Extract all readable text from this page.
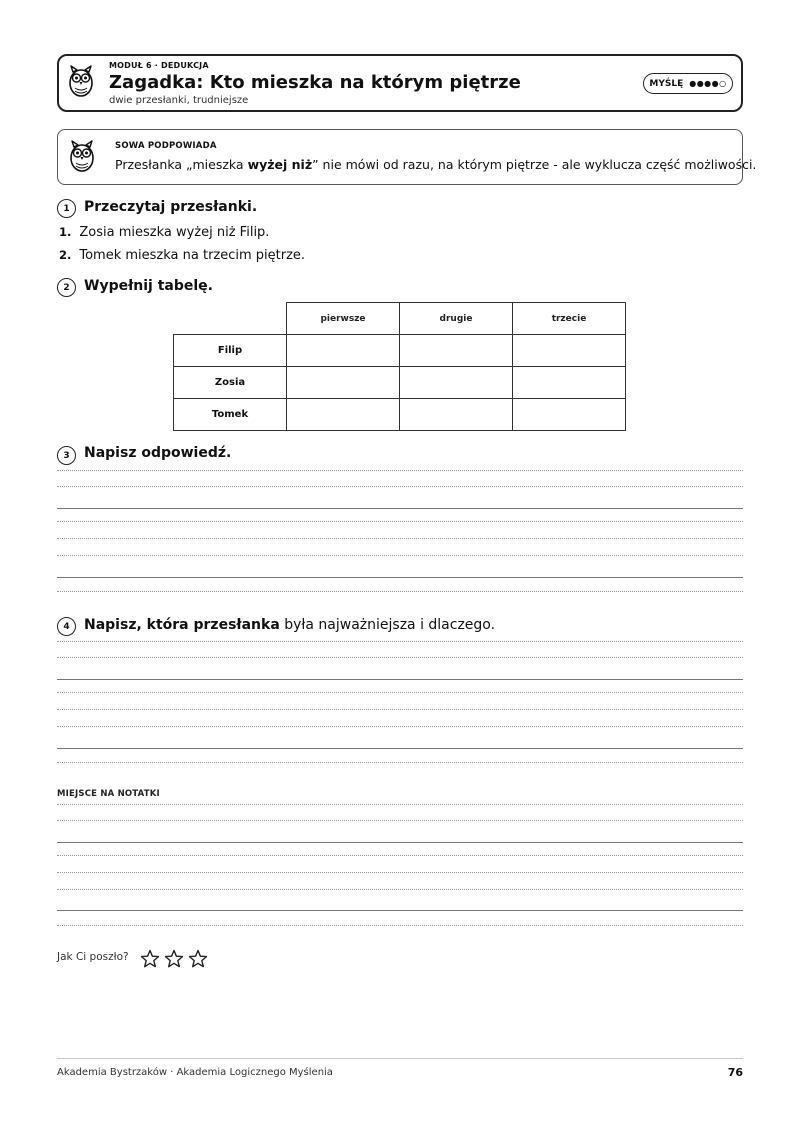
MODUŁ 6 · DEDUKCJA
Zagadka: Kto mieszka na którym piętrze
dwie przesłanki, trudniejsze
MYŚLĘ ●●●●○
SOWA PODPOWIADA
Przesłanka „mieszka wyżej niż” nie mówi od razu, na którym piętrze - ale wyklucza część możliwości.
1	Przeczytaj przesłanki.
1. Zosia mieszka wyżej niż Filip.
2. Tomek mieszka na trzecim piętrze.
2	Wypełnij tabelę.
	pierwsze	drugie	trzecie
Filip			
Zosia			
Tomek			
3	Napisz odpowiedź.
4	Napisz, która przesłanka była najważniejsza i dlaczego.
MIEJSCE NA NOTATKI
Jak Ci poszło?
Akademia Bystrzaków · Akademia Logicznego Myślenia	76
